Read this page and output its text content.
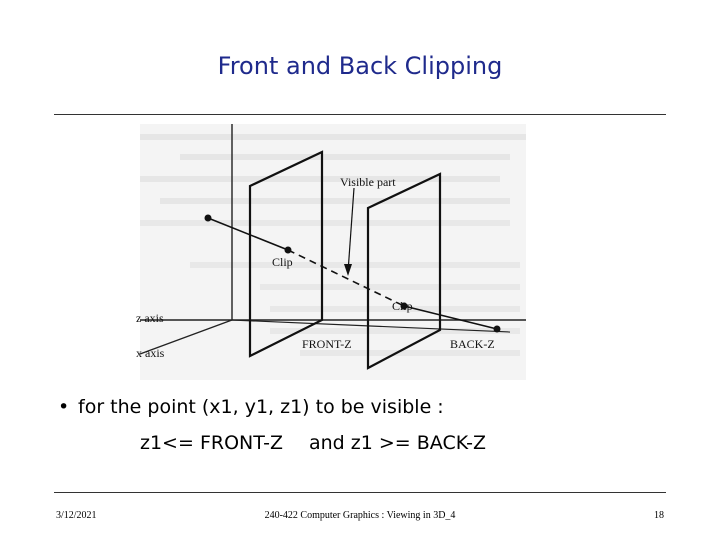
Front and Back Clipping
Visible part
Clip
Clip
FRONT-Z	BACK-Z
z axis
x axis
• for the point (x1, y1, z1) to be visible :
z1<= FRONT-Z and z1 >= BACK-Z
3/12/2021	240-422 Computer Graphics : Viewing in 3D_4	18
